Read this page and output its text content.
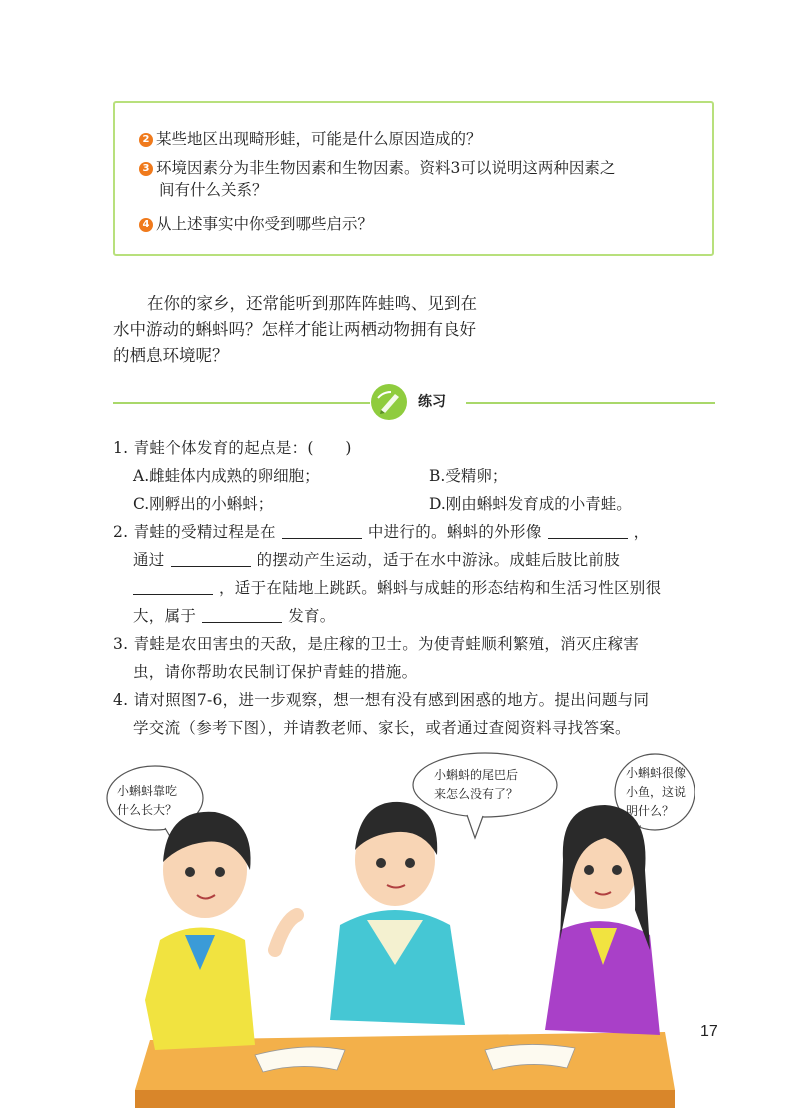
2 某些地区出现畸形蛙，可能是什么原因造成的？
3 环境因素分为非生物因素和生物因素。资料3可以说明这两种因素之
间有什么关系？
4 从上述事实中你受到哪些启示？
在你的家乡，还常能听到那阵阵蛙鸣、见到在
水中游动的蝌蚪吗？怎样才能让两栖动物拥有良好
的栖息环境呢？
练习
1. 青蛙个体发育的起点是：(　　)
A.雌蛙体内成熟的卵细胞；	B.受精卵；
C.刚孵出的小蝌蚪；	D.刚由蝌蚪发育成的小青蛙。
2. 青蛙的受精过程是在	中进行的。蝌蚪的外形像	，
通过	的摆动产生运动，适于在水中游泳。成蛙后肢比前肢
，适于在陆地上跳跃。蝌蚪与成蛙的形态结构和生活习性区别很
大，属于	发育。
3. 青蛙是农田害虫的天敌，是庄稼的卫士。为使青蛙顺利繁殖，消灭庄稼害
虫，请你帮助农民制订保护青蛙的措施。
4. 请对照图7-6，进一步观察，想一想有没有感到困惑的地方。提出问题与同
学交流（参考下图），并请教老师、家长，或者通过查阅资料寻找答案。
小蝌蚪靠吃
什么长大？
小蝌蚪的尾巴后
来怎么没有了？
小蝌蚪很像
小鱼，这说
明什么？
17
